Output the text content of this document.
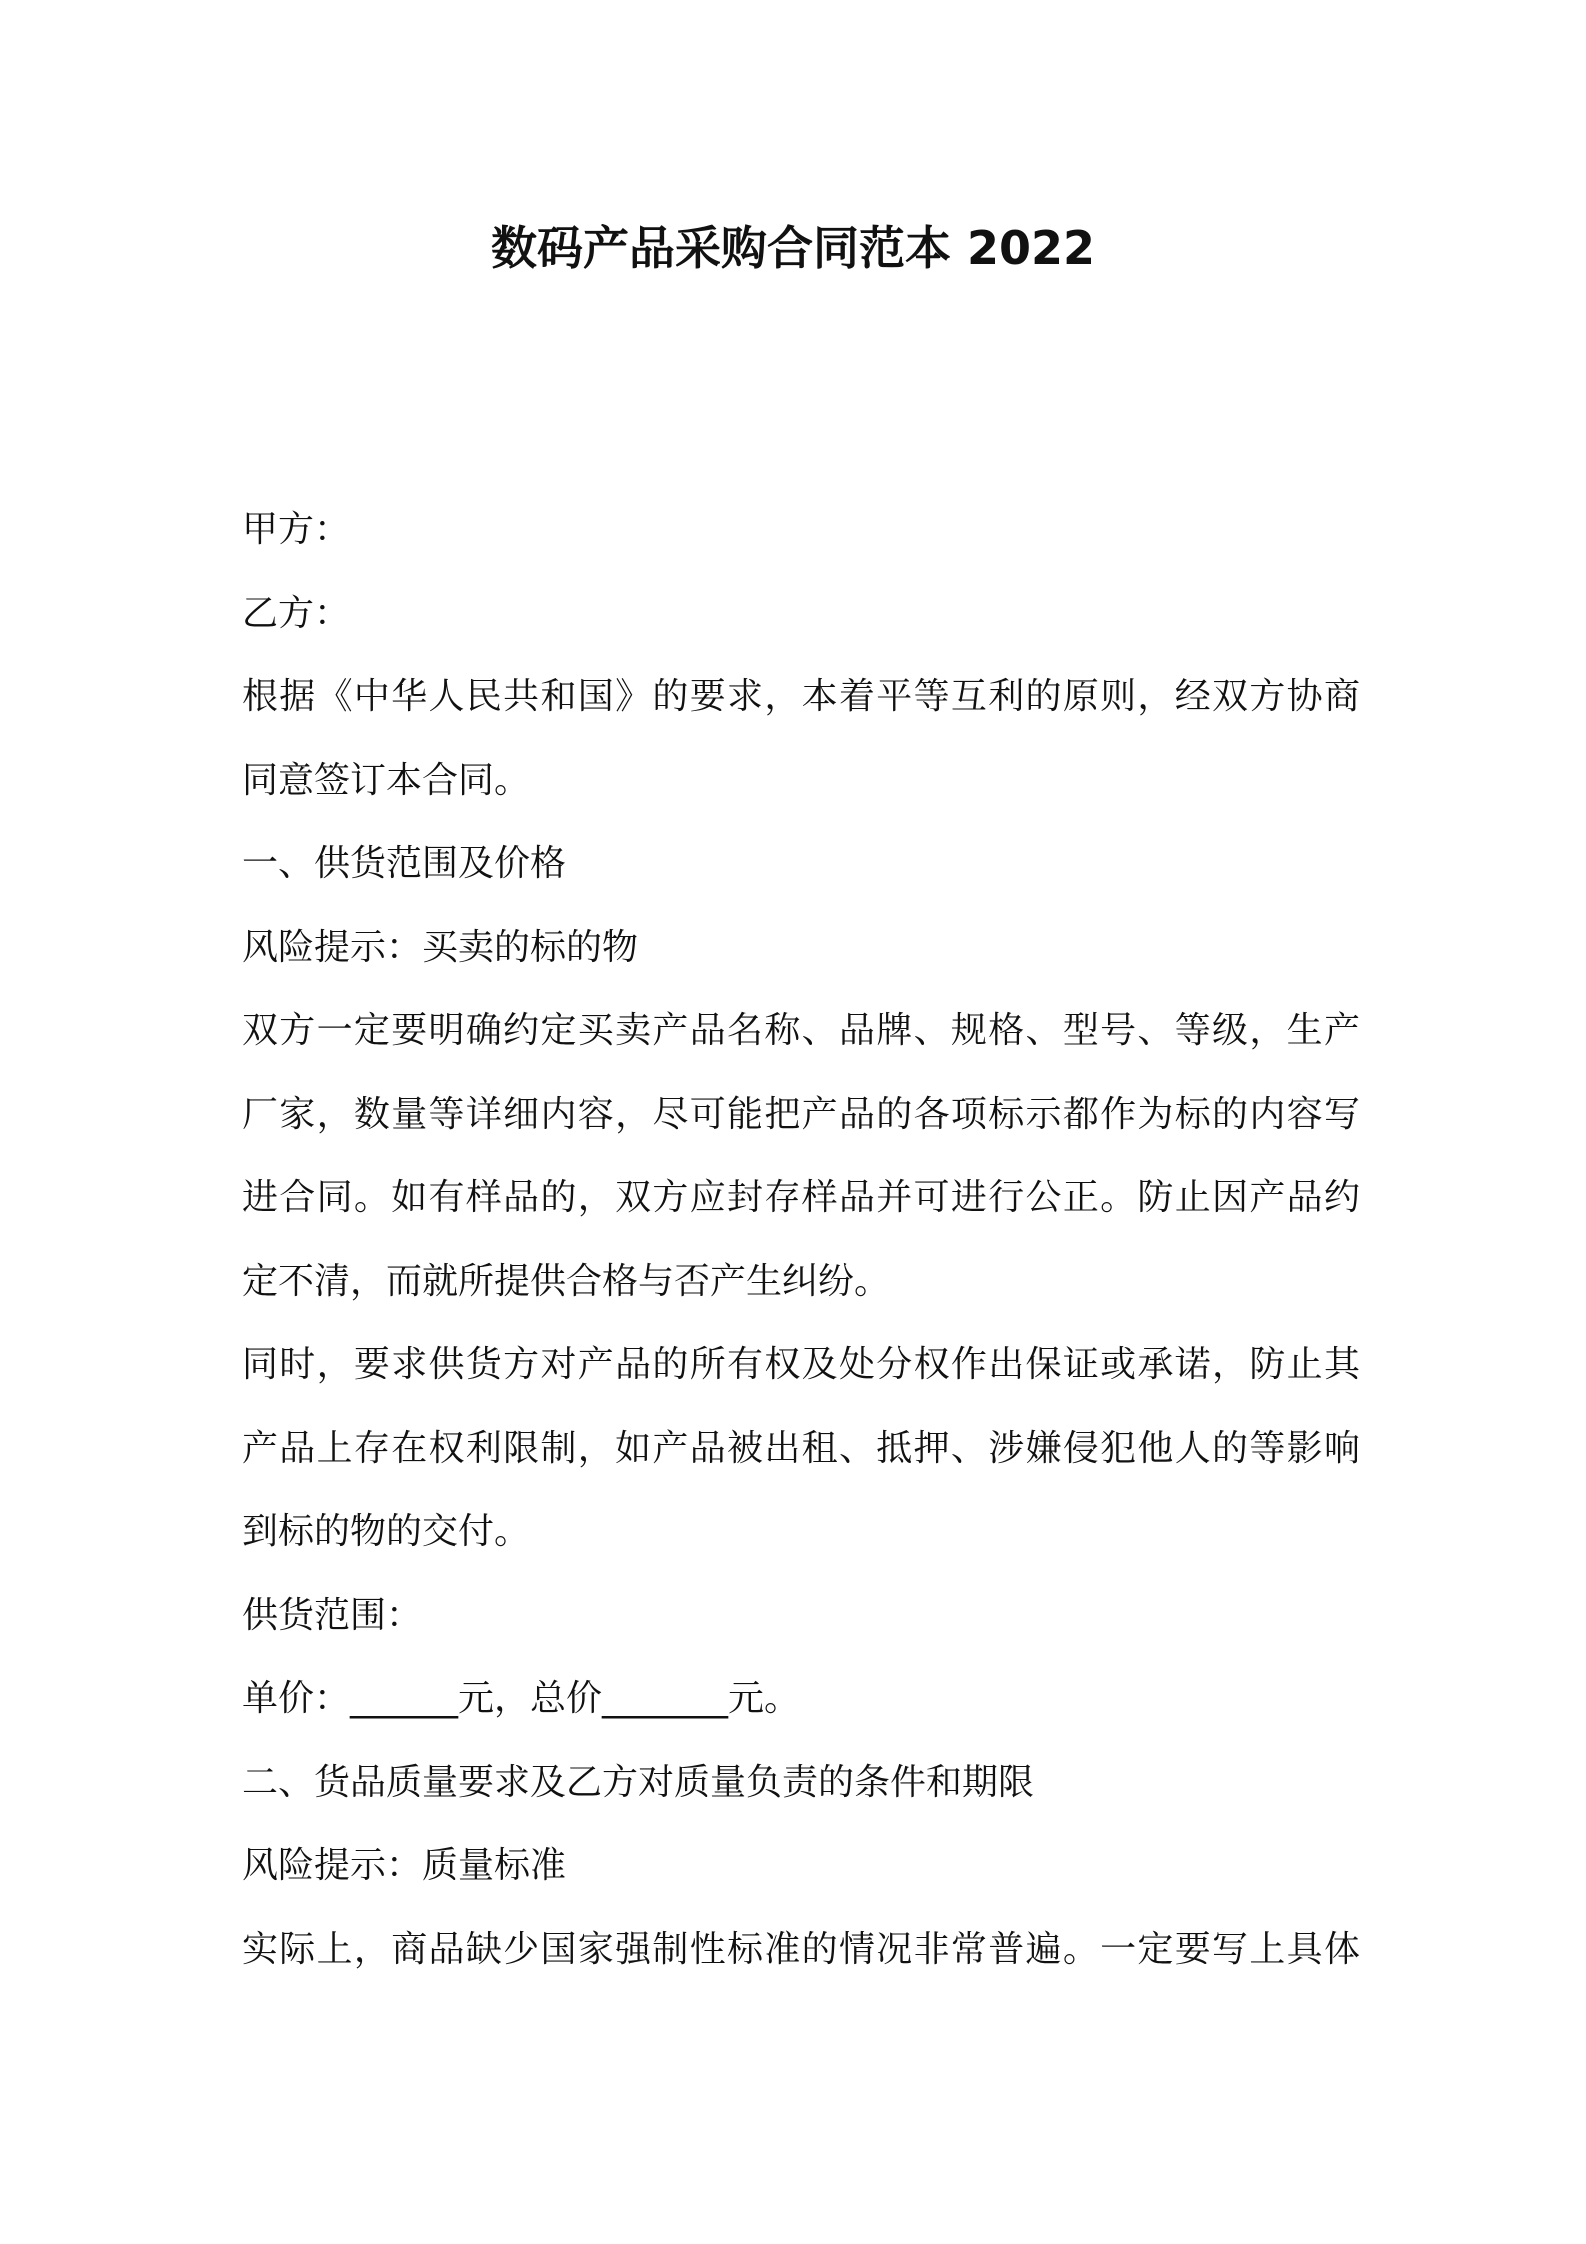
数码产品采购合同范本 2022
甲方：
乙方：
根据《中华人民共和国》的要求，本着平等互利的原则，经双方协商
同意签订本合同。
一、供货范围及价格
风险提示：买卖的标的物
双方一定要明确约定买卖产品名称、品牌、规格、型号、等级，生产
厂家，数量等详细内容，尽可能把产品的各项标示都作为标的内容写
进合同。如有样品的，双方应封存样品并可进行公正。防止因产品约
定不清，而就所提供合格与否产生纠纷。
同时，要求供货方对产品的所有权及处分权作出保证或承诺，防止其
产品上存在权利限制，如产品被出租、抵押、涉嫌侵犯他人的等影响
到标的物的交付。
供货范围：
单价：______元，总价_______元。
二、货品质量要求及乙方对质量负责的条件和期限
风险提示：质量标准
实际上，商品缺少国家强制性标准的情况非常普遍。一定要写上具体
